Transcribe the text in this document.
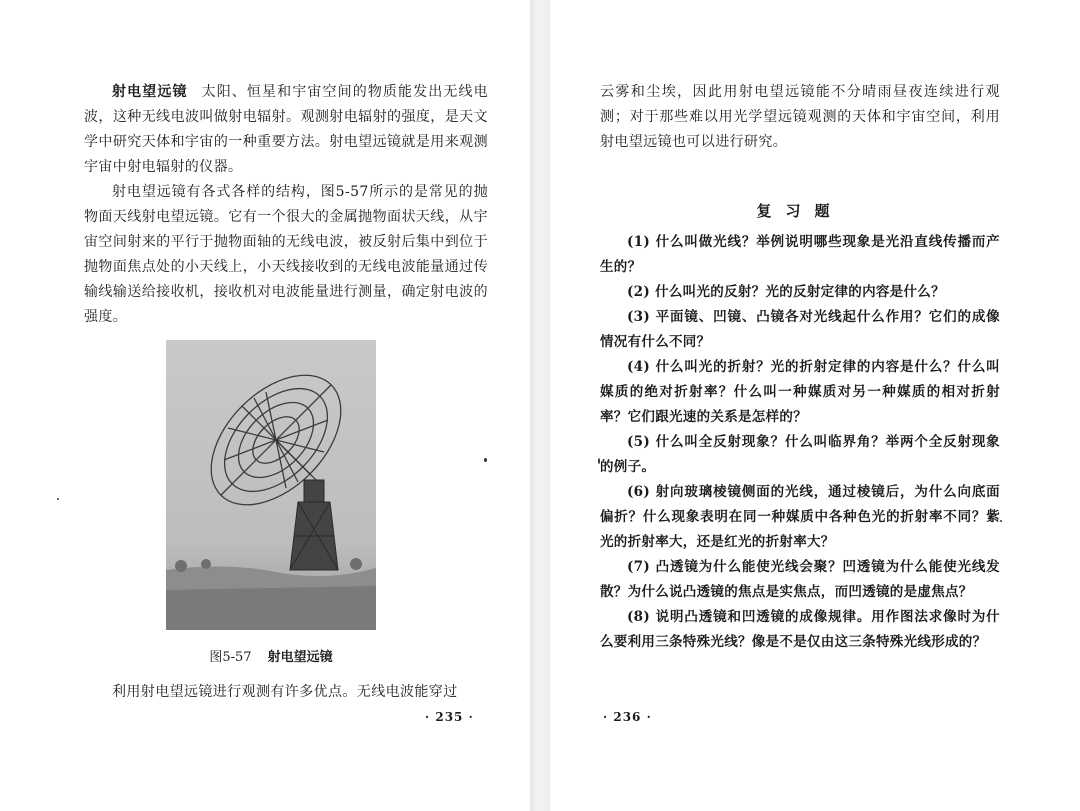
射电望远镜 太阳、恒星和宇宙空间的物质能发出无线电波，这种无线电波叫做射电辐射。观测射电辐射的强度，是天文学中研究天体和宇宙的一种重要方法。射电望远镜就是用来观测宇宙中射电辐射的仪器。

射电望远镜有各式各样的结构，图5-57所示的是常见的抛物面天线射电望远镜。它有一个很大的金属抛物面状天线，从宇宙空间射来的平行于抛物面轴的无线电波，被反射后集中到位于抛物面焦点处的小天线上，小天线接收到的无线电波能量通过传输线输送给接收机，接收机对电波能量进行测量，确定射电波的强度。

图5-57 射电望远镜

利用射电望远镜进行观测有许多优点。无线电波能穿过

· 235 ·

云雾和尘埃，因此用射电望远镜能不分晴雨昼夜连续进行观测；对于那些难以用光学望远镜观测的天体和宇宙空间，利用射电望远镜也可以进行研究。

复习题

(1) 什么叫做光线？举例说明哪些现象是光沿直线传播而产生的？

(2) 什么叫光的反射？光的反射定律的内容是什么？

(3) 平面镜、凹镜、凸镜各对光线起什么作用？它们的成像情况有什么不同？

(4) 什么叫光的折射？光的折射定律的内容是什么？什么叫媒质的绝对折射率？什么叫一种媒质对另一种媒质的相对折射率？它们跟光速的关系是怎样的？

(5) 什么叫全反射现象？什么叫临界角？举两个全反射现象的例子。

(6) 射向玻璃棱镜侧面的光线，通过棱镜后，为什么向底面偏折？什么现象表明在同一种媒质中各种色光的折射率不同？紫光的折射率大，还是红光的折射率大？

(7) 凸透镜为什么能使光线会聚？凹透镜为什么能使光线发散？为什么说凸透镜的焦点是实焦点，而凹透镜的是虚焦点？

(8) 说明凸透镜和凹透镜的成像规律。用作图法求像时为什么要利用三条特殊光线？像是不是仅由这三条特殊光线形成的？

· 236 ·
